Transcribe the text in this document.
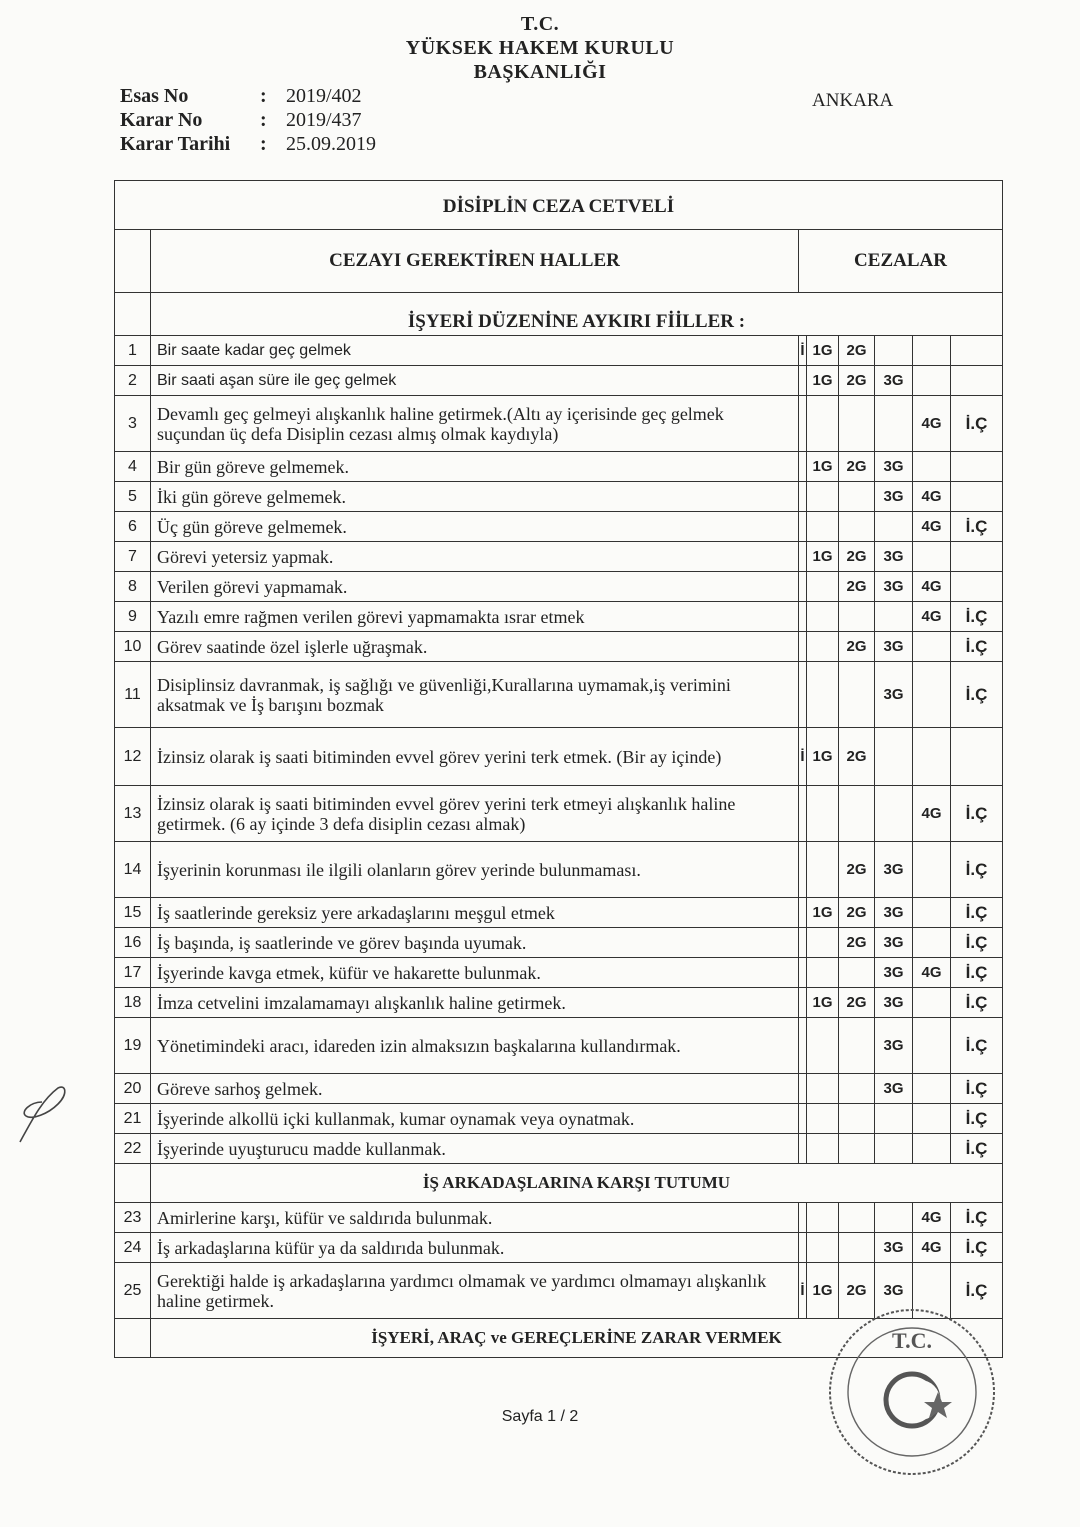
T.C.
YÜKSEK HAKEM KURULU
BAŞKANLIĞI
Esas No	: 2019/402
Karar No	: 2019/437
Karar Tarihi	: 25.09.2019
ANKARA
DİSİPLİN CEZA CETVELİ							
	CEZAYI GEREKTİREN HALLER	CEZALAR					
	İŞYERİ DÜZENİNE AYKIRI FİİLLER :						
1	Bir saate kadar geç gelmek	İ	1G	2G			
2	Bir saati aşan süre ile geç gelmek		1G	2G	3G		
3	Devamlı geç gelmeyi alışkanlık haline getirmek.(Altı ay içerisinde geç gelmek suçundan üç defa Disiplin cezası almış olmak kaydıyla)					4G	İ.Ç
4	Bir gün göreve gelmemek.		1G	2G	3G		
5	İki gün göreve gelmemek.				3G	4G	
6	Üç gün göreve gelmemek.					4G	İ.Ç
7	Görevi yetersiz yapmak.		1G	2G	3G		
8	Verilen görevi yapmamak.			2G	3G	4G	
9	Yazılı emre rağmen verilen görevi yapmamakta ısrar etmek					4G	İ.Ç
10	Görev saatinde özel işlerle uğraşmak.			2G	3G		İ.Ç
11	Disiplinsiz davranmak, iş sağlığı ve güvenliği,Kurallarına uymamak,iş verimini aksatmak ve İş barışını bozmak				3G		İ.Ç
12	İzinsiz olarak iş saati bitiminden evvel görev yerini terk etmek. (Bir ay içinde)	İ	1G	2G			
13	İzinsiz olarak iş saati bitiminden evvel görev yerini terk etmeyi alışkanlık haline getirmek. (6 ay içinde 3 defa disiplin cezası almak)					4G	İ.Ç
14	İşyerinin korunması ile ilgili olanların görev yerinde bulunmaması.			2G	3G		İ.Ç
15	İş saatlerinde gereksiz yere arkadaşlarını meşgul etmek		1G	2G	3G		İ.Ç
16	İş başında, iş saatlerinde ve görev başında uyumak.			2G	3G		İ.Ç
17	İşyerinde kavga etmek, küfür ve hakarette bulunmak.				3G	4G	İ.Ç
18	İmza cetvelini imzalamamayı alışkanlık haline getirmek.		1G	2G	3G		İ.Ç
19	Yönetimindeki aracı, idareden izin almaksızın başkalarına kullandırmak.				3G		İ.Ç
20	Göreve sarhoş gelmek.				3G		İ.Ç
21	İşyerinde alkollü içki kullanmak, kumar oynamak veya oynatmak.						İ.Ç
22	İşyerinde uyuşturucu madde kullanmak.						İ.Ç
	İŞ ARKADAŞLARINA KARŞI TUTUMU						
23	Amirlerine karşı, küfür ve saldırıda bulunmak.					4G	İ.Ç
24	İş arkadaşlarına küfür ya da saldırıda bulunmak.				3G	4G	İ.Ç
25	Gerektiği halde iş arkadaşlarına yardımcı olmamak ve yardımcı olmamayı alışkanlık haline getirmek.	İ	1G	2G	3G		İ.Ç
	İŞYERİ, ARAÇ ve GEREÇLERİNE ZARAR VERMEK						
Sayfa 1 / 2
T.C.
